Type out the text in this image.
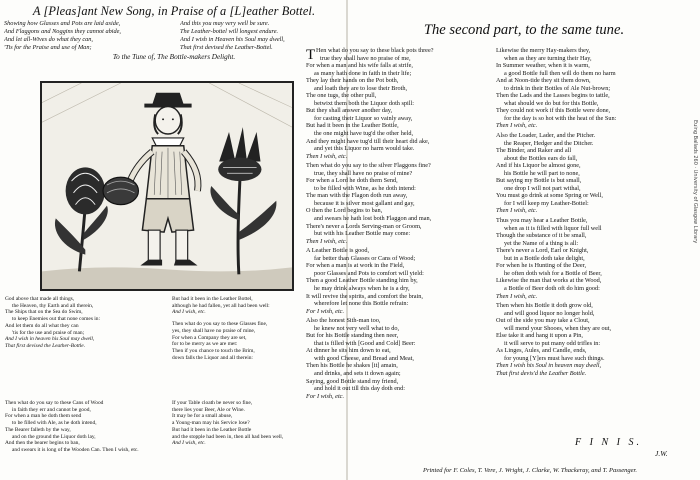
A [Pleas]ant New Song, in Praise of a [L]eather Bottel.
Showing how Glasses and Pots are laid aside,
And Flaggons and Noggins they cannot abide,
And let all-Wives do what they can,
'Tis for the Praise and use of Man;
And this you may very well be sure.
The Leather-bottel will longest endure.
And I wish in Heaven his Soul may dwell,
That first devised the Leather-Bottel.
To the Tune of, The Bottle-makers Delight.
God above that made all things,
the Heaven, thy Earth and all therein,
The Ships that on the Sea do Swim,
to keep Enemies out that none comes in:
And let them do all what they can
'tis for the use and praise of man;
And I wish in heaven his Soul may dwell,
That first devised the Leather-Bottle.
But had it been in the Leather Bottel,
although he had fallen, yet all had been well:
And I wish, etc.
Then what do you say to these Glasses fine,
yes, they shall have no praise of mine,
For when a Company they are set,
for to be merry as we are met:
Then if you chance to touch the Brim,
down falls the Liquor and all therein:
Then what do you say to these Cans of Wood
in faith they err and cannot be good,
For when a man he doth them send
to be filled with Ale, as he doth intend,
The Bearer falleth by the way,
and on the ground the Liquor doth lay,
And then the bearer begins to ban,
and swears it is long of the Wooden Can. Then I wish, etc.
If your Table cloath be never so fine,
there lies your Beer, Ale or Wine.
It may be for a small abuse,
a Young-man may his Service lose?
But had it been in the Leather Bottle
and the stopple had been in, then all had been well,
And I wish, etc.
The second part, to the same tune.
T Hen what do you say to these black pots three?
true they shall have no praise of me,
For when a man and his wife falls at strife,
as many hath done in faith in their life;
They lay their hands on the Pot both,
and loath they are to lose their Broth,
The one tugs, the other pull,
betwixt them both the Liquor doth spill:
But they shall answer another day,
for casting their Liquor so vainly away,
But had it been in the Leather Bottle,
the one might have tug'd the other held,
And they might have tug'd till their heart did ake,
and yet this Liquor no harm would take.
Then I wish, etc.
Then what do you say to the silver Flaggons fine?
true, they shall have no praise of mine?
For when a Lord he doth them Send,
to be filled with Wine, as he doth intend:
The man with the Flagon doth run away,
because it is silver most gallant and gay,
O then the Lord begins to ban,
and swears he hath lost both Flaggon and man,
There's never a Lords Serving-man or Groom,
but with his Leather Bottle may come:
Then I wish, etc.
A Leather Bottle is good,
far better than Glasses or Cans of Wood;
For when a man is at work in the Field,
poor Glasses and Pots to comfort will yield:
Then a good Leather Bottle standing him by,
he may drink always when he is a dry,
It will revive the spirits, and comfort the brain,
wherefore let none this Bottle refrain:
For I wish, etc.
Also the honest Sith-man too,
he knew not very well what to do,
But for his Bottle standing then neer,
that is filled with [Good and Cold] Beer:
At dinner he sits him down to eat,
with good Cheese, and Bread and Meat,
Then his Bottle he shakes [it] amain,
and drinks, and sets it down again;
Saying, good Bottle stand my friend,
and hold it out till this day doth end:
For I wish, etc.
Likewise the merry Hay-makers they,
when as they are turning their Hay,
In Summer weather, when it is warm,
a good Bottle full then will do them no harm
And at Noon-tide they sit them down,
to drink in their Bottles of Ale Nut-brown;
Then the Lads and the Lasses begins to tattle,
what should we do but for this Bottle,
They could not work if this Bottle were done,
for the day is so hot with the heat of the Sun:
Then I wish, etc.
Also the Loader, Lader, and the Pitcher.
the Reaper, Hedger and the Ditcher.
The Binder, and Raker and all
about the Bottles ears do fall,
And if his Liquor be almost gone,
his Bottle he will part to none,
But saying my Bottle is but small,
one drop I will not part withal,
You must go drink at some Spring or Well,
for I will keep my Leather-Bottel:
Then I wish, etc.
Thus you may hear a Leather Bottle,
when as it is filled with liquor full well
Though the substance of it be small,
yet the Name of a thing is all:
There's never a Lord, Earl or Knight,
but in a Bottle doth take delight,
For when he is Hunting of the Deer,
he often doth wish for a Bottle of Beer,
Likewise the man that works at the Wood,
a Bottle of Beer doth oft do him good:
Then I wish, etc.
Then when his Bottle it doth grow old,
and will good liquor no longer hold,
Out of the side you may take a Clout,
will mend your Shooes, when they are out,
Else take it and hang it upon a Pin,
it will serve to put many odd trifles in:
As Linges, Aules, and Candle, ends,
for young [Y]ers must have such things.
Then I wish his Soul in heaven may dwell,
That first devis'd the Leather Bottle.
F I N I S.
J.W.
Printed for F. Coles, T. Vere, J. Wright, J. Clarke, W. Thackeray, and T. Passenger.
Euing Ballads 260 · University of Glasgow Library
